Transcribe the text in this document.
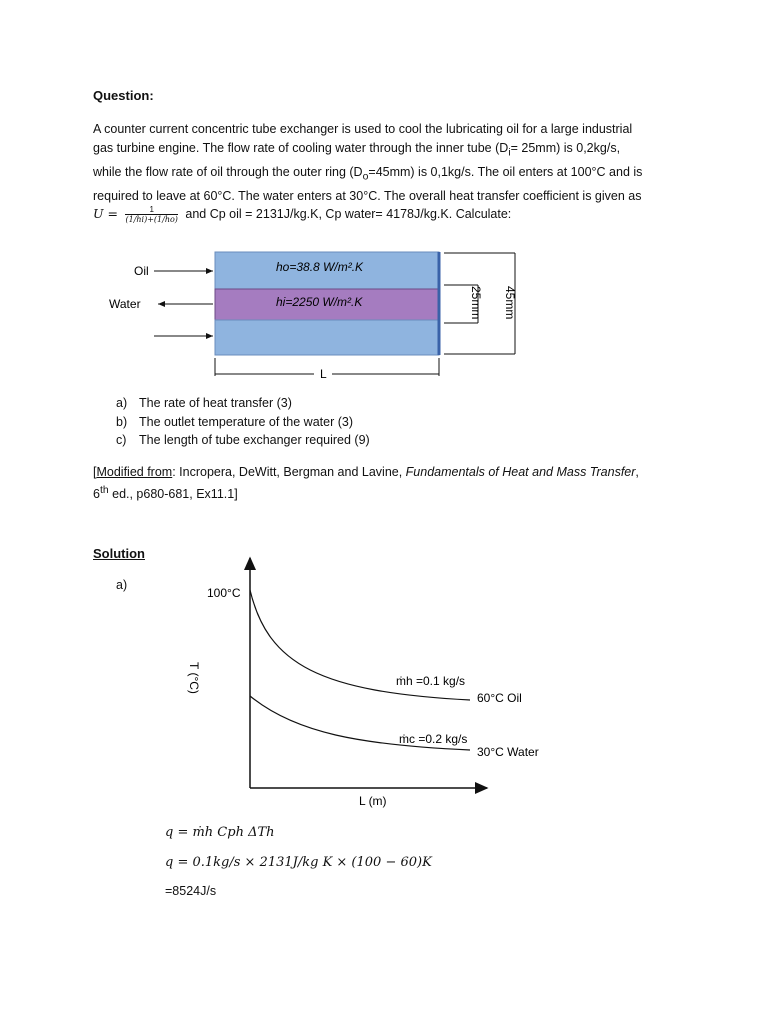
Question:

A counter current concentric tube exchanger is used to cool the lubricating oil for a large industrial

gas turbine engine. The flow rate of cooling water through the inner tube $(D_i= 25mm)$ is 0,2kg/s,

while the flow rate of oil through the outer ring $(D_o=45mm)$ is 0,1kg/s. The oil enters at 100°C and is

required to leave at 60°C. The water enters at 30°C. The overall heat transfer coefficient is given as

$U = \frac{1}{(1/hi)+(1/ho)}$ and Cp oil = 2131J/kg.K, Cp water= 4178J/kg.K. Calculate:

Oil
Water
ho=38.8 W/m².K
hi=2250 W/m².K	25mm 45mm
L
a) The rate of heat transfer (3)
b) The outlet temperature of the water (3)
c)	The length of tube exchanger required (9)
[Modified from: Incropera, DeWitt, Bergman and Lavine, Fundamentals of Heat and Mass Transfer,
6th ed., p680-681, Ex11.1]
Solution
a)
100°C
T (°C)
L (m)
ṁh =0.1 kg/s
60°C Oil
ṁc =0.2 kg/s
30°C Water
q = ṁh Cph ΔTh
q = 0.1kg/s × 2131J/kg K × (100 − 60)K
=8524J/s
